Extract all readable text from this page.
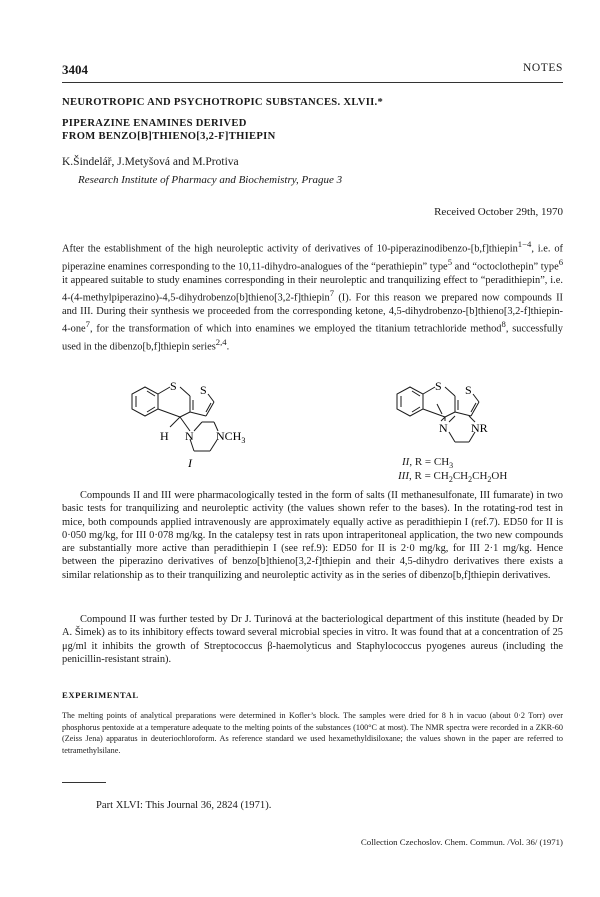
3404	NOTES
NEUROTROPIC AND PSYCHOTROPIC SUBSTANCES. XLVII.*
PIPERAZINE ENAMINES DERIVED
FROM BENZO[B]THIENO[3,2-F]THIEPIN
K.Šindelář, J.Metyšová and M.Protiva
Research Institute of Pharmacy and Biochemistry, Prague 3
Received October 29th, 1970

After the establishment of the high neuroleptic activity of derivatives of 10-piperazinodibenzo-[b,f]thiepin$^{1-4}$, i.e. of piperazine enamines corresponding to the 10,11-dihydro-analogues of the “perathiepin” type$^5$ and “octoclothepin” type$^6$ it appeared suitable to study enamines corresponding in their neuroleptic and tranquilizing effect to “peradithiepin”, i.e. 4-(4-methylpiperazino)-4,5-dihydrobenzo[b]thieno[3,2-f]thiepin$^7$ (I). For this reason we prepared now compounds II and III. During their synthesis we proceeded from the corresponding ketone, 4,5-dihydrobenzo-[b]thieno[3,2-f]thiepin-4-one$^7$, for the transformation of which into enamines we employed the titanium tetrachloride method$^8$, successfully used in the dibenzo[b,f]thiepin series$^{2,4}$.

S S
H N $NCH_3$
I
S S
N NR
II, $R = CH_3$
III, $R = CH_2CH_2CH_2OH$

Compounds II and III were pharmacologically tested in the form of salts (II methanesulfonate, III fumarate) in two basic tests for tranquilizing and neuroleptic activity (the values shown refer to the bases). In the rotating-rod test in mice, both compounds applied intravenously are approximately equally active as peradithiepin I (ref.7). ED50 for II is 0·050 mg/kg, for III 0·078 mg/kg. In the catalepsy test in rats upon intraperitoneal application, the two new compounds are substantially more active than peradithiepin I (see ref.9): ED50 for II is 2·0 mg/kg, for III 2·1 mg/kg. Hence between the piperazino derivatives of benzo[b]thieno[3,2-f]thiepin and their 4,5-dihydro derivatives there exists a similar relationship as to their tranquilizing and neuroleptic activity as in the series of dibenzo[b,f]thiepin derivatives.

Compound II was further tested by Dr J. Turinová at the bacteriological department of this institute (headed by Dr A. Šimek) as to its inhibitory effects toward several microbial species in vitro. It was found that at a concentration of 25 μg/ml it inhibits the growth of Streptococcus β-haemolyticus and Staphylococcus pyogenes aureus (including the penicillin-resistant strain).

EXPERIMENTAL

The melting points of analytical preparations were determined in Kofler’s block. The samples were dried for 8 h in vacuo (about 0·2 Torr) over phosphorus pentoxide at a temperature adequate to the melting points of the substances (100°C at most). The NMR spectra were recorded in a ZKR-60 (Zeiss Jena) apparatus in deuteriochloroform. As reference standard we used hexamethyldisiloxane; the values shown in the paper are referred to tetramethylsilane.

Part XLVI: This Journal 36, 2824 (1971).
Collection Czechoslov. Chem. Commun. /Vol. 36/ (1971)
